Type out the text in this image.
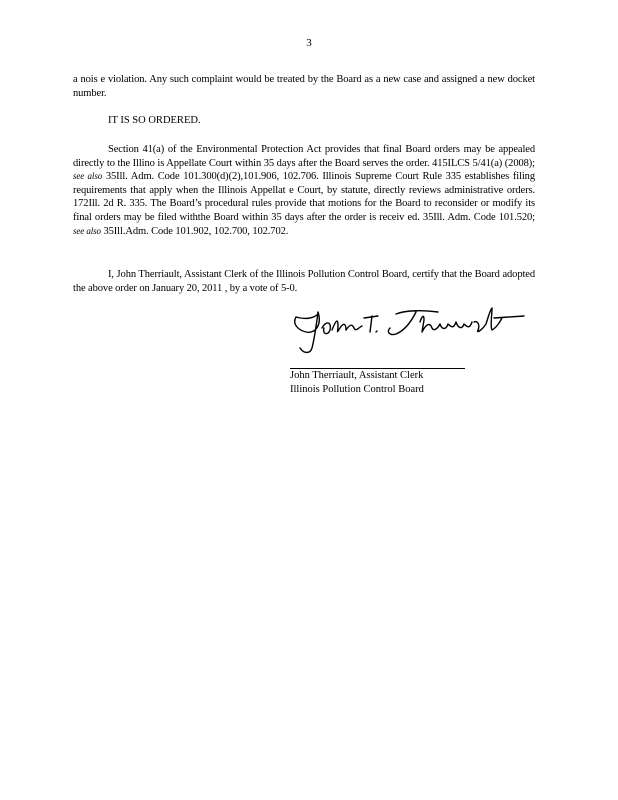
3

a nois e violation. Any such complaint would be treated by the Board as a new case and assigned a new docket number.

IT IS SO ORDERED.

Section 41(a) of the Environmental Protection Act provides that final Board orders may be appealed directly to the Illino is Appellate Court within 35 days after the Board serves the order. 415ILCS 5/41(a) (2008); see also 35Ill. Adm. Code 101.300(d)(2),101.906, 102.706. Illinois Supreme Court Rule 335 establishes filing requirements that apply when the Illinois Appellat e Court, by statute, directly reviews administrative orders. 172Ill. 2d R. 335. The Board’s procedural rules provide that motions for the Board to reconsider or modify its final orders may be filed withthe Board within 35 days after the order is receiv ed. 35Ill. Adm. Code 101.520; see also 35Ill.Adm. Code 101.902, 102.700, 102.702.

I, John Therriault, Assistant Clerk of the Illinois Pollution Control Board, certify that the Board adopted the above order on January 20, 2011 , by a vote of 5-0.

John Therriault, Assistant Clerk
Illinois Pollution Control Board
